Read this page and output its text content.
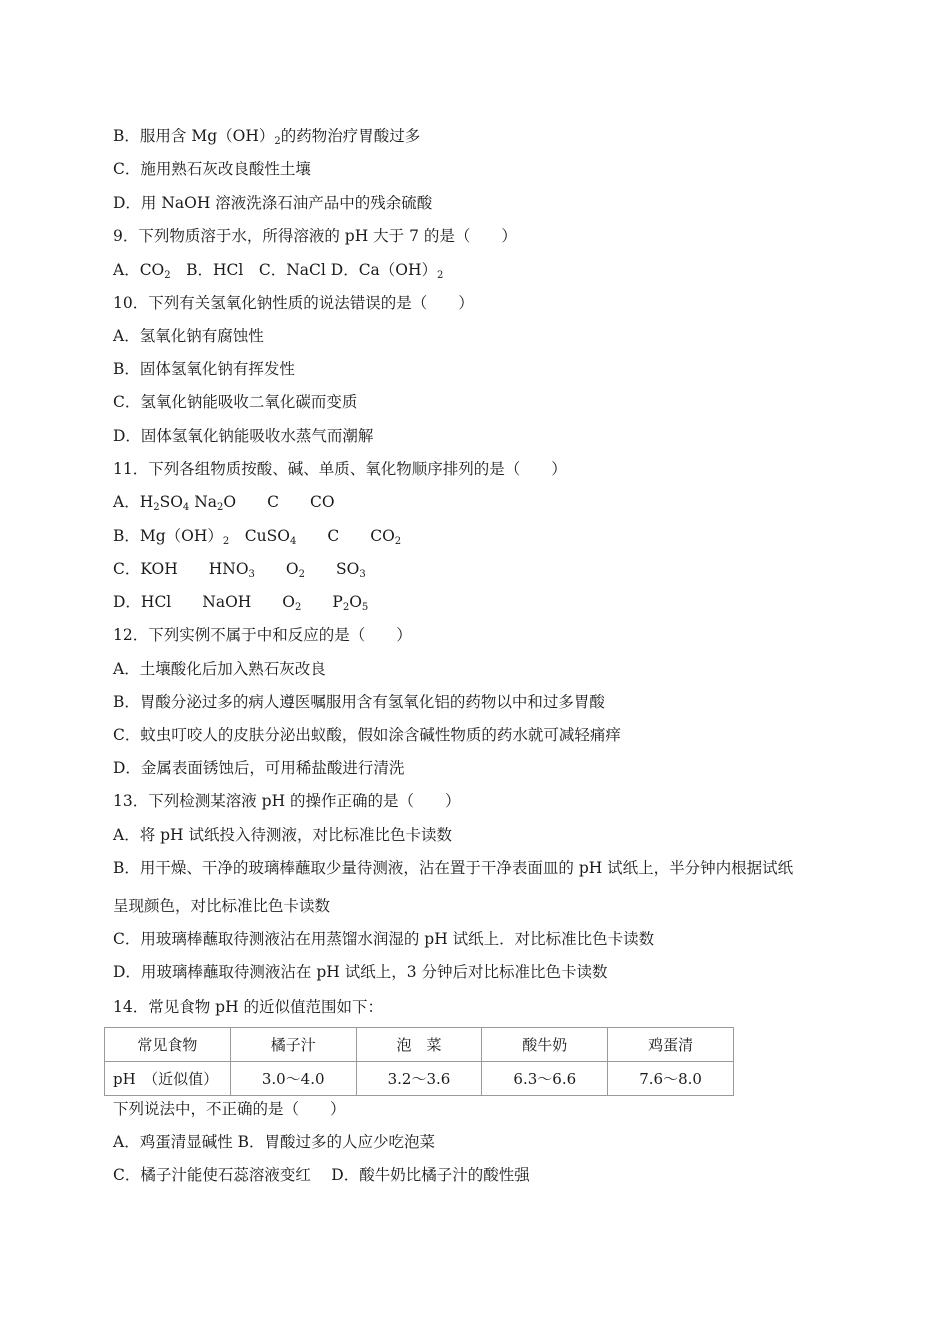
B．服用含 $Mg(OH)_2$的药物治疗胃酸过多
C．施用熟石灰改良酸性土壤
D．用 NaOH 溶液洗涤石油产品中的残余硫酸
9．下列物质溶于水，所得溶液的 pH 大于 7 的是（　　）
A．$CO_2$　B．HCl　C．NaCl D．$Ca(OH)_2$
10．下列有关氢氧化钠性质的说法错误的是（　　）
A．氢氧化钠有腐蚀性
B．固体氢氧化钠有挥发性
C．氢氧化钠能吸收二氧化碳而变质
D．固体氢氧化钠能吸收水蒸气而潮解
11．下列各组物质按酸、碱、单质、氧化物顺序排列的是（　　）
A．$H_2SO_4$ $Na_2O$　　C　　CO
B．$Mg(OH)_2$　CuSO$_4$　　C　　$CO_2$
C．KOH　　$HNO_3$　　$O_2$　　$SO_3$
D．HCl　　NaOH　　$O_2$　　$P_2O_5$
12．下列实例不属于中和反应的是（　　）
A．土壤酸化后加入熟石灰改良
B．胃酸分泌过多的病人遵医嘱服用含有氢氧化铝的药物以中和过多胃酸
C．蚊虫叮咬人的皮肤分泌出蚁酸，假如涂含碱性物质的药水就可减轻痛痒
D．金属表面锈蚀后，可用稀盐酸进行清洗
13．下列检测某溶液 pH 的操作正确的是（　　）
A．将 pH 试纸投入待测液，对比标准比色卡读数
B．用干燥、干净的玻璃棒蘸取少量待测液，沾在置于干净表面皿的 pH 试纸上，半分钟内根据试纸
呈现颜色，对比标准比色卡读数
C．用玻璃棒蘸取待测液沾在用蒸馏水润湿的 pH 试纸上．对比标准比色卡读数
D．用玻璃棒蘸取待测液沾在 pH 试纸上，3 分钟后对比标准比色卡读数
14．常见食物 pH 的近似值范围如下：
常见食物	橘子汁	泡　菜	酸牛奶	鸡蛋清
pH　（近似值）	3.0～4.0	3.2～3.6	6.3～6.6	7.6～8.0
下列说法中，不正确的是（　　）
A．鸡蛋清显碱性 B．胃酸过多的人应少吃泡菜
C．橘子汁能使石蕊溶液变红　 D．酸牛奶比橘子汁的酸性强
